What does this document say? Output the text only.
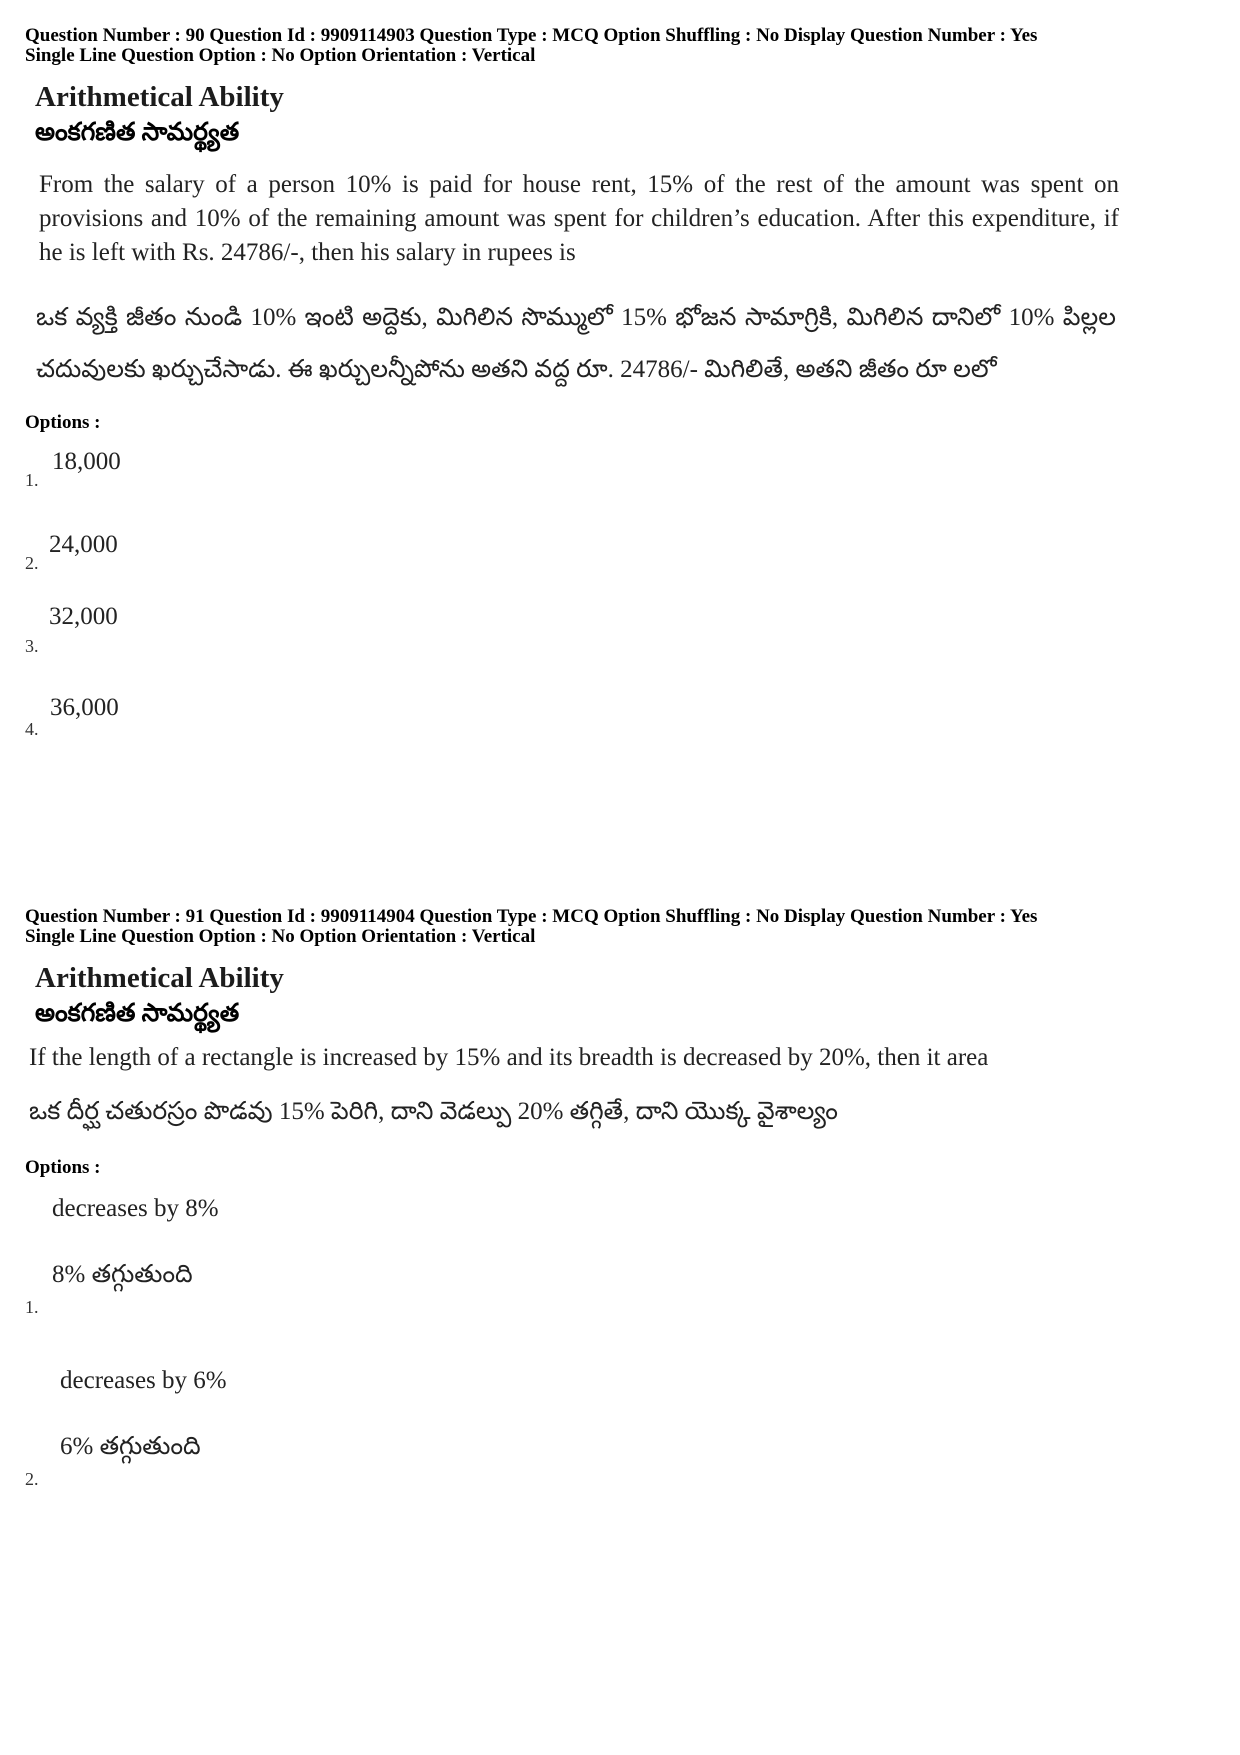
Question Number : 90 Question Id : 9909114903 Question Type : MCQ Option Shuffling : No Display Question Number : Yes
Single Line Question Option : No Option Orientation : Vertical
Arithmetical Ability
అంకగణిత సామర్థ్యత
From the salary of a person 10% is paid for house rent, 15% of the rest of the amount was spent on provisions and 10% of the remaining amount was spent for children’s education. After this expenditure, if he is left with Rs. 24786/-, then his salary in rupees is
ఒక వ్యక్తి జీతం నుండి 10% ఇంటి అద్దెకు, మిగిలిన సొమ్ములో 15% భోజన సామాగ్రికి, మిగిలిన దానిలో 10% పిల్లల చదువులకు ఖర్చుచేసాడు. ఈ ఖర్చులన్నీపోను అతని వద్ద రూ. 24786/- మిగిలితే, అతని జీతం రూ లలో
Options :
1.
18,000
2.
24,000
3.
32,000
4.
36,000
Question Number : 91 Question Id : 9909114904 Question Type : MCQ Option Shuffling : No Display Question Number : Yes
Single Line Question Option : No Option Orientation : Vertical
Arithmetical Ability
అంకగణిత సామర్థ్యత
If the length of a rectangle is increased by 15% and its breadth is decreased by 20%, then it area
ఒక దీర్ఘ చతురస్రం పొడవు 15% పెరిగి, దాని వెడల్పు 20% తగ్గితే, దాని యొక్క వైశాల్యం
Options :
1.
decreases by 8%
8% తగ్గుతుంది
2.
decreases by 6%
6% తగ్గుతుంది
